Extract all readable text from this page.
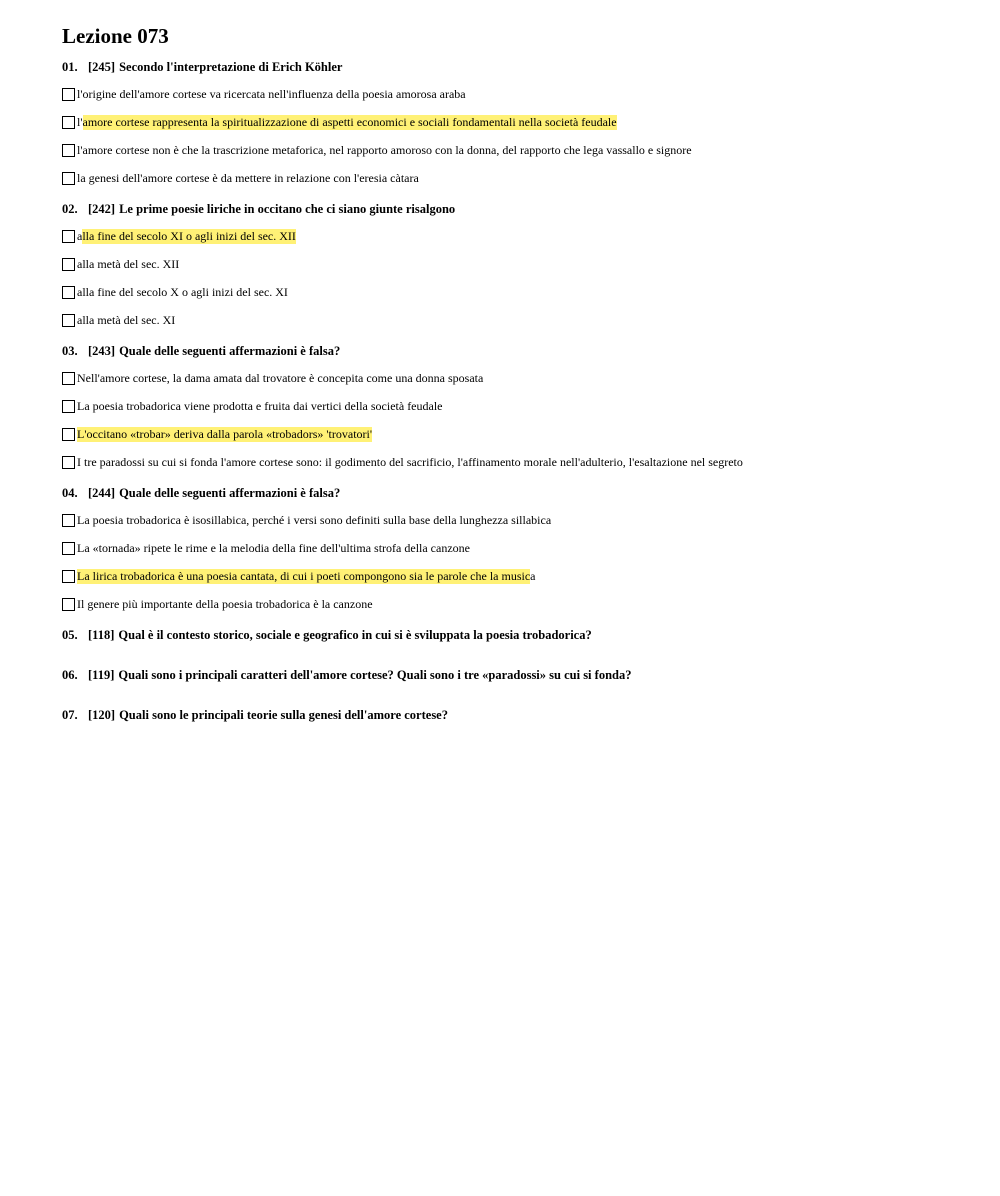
Lezione 073
01. [245] Secondo l'interpretazione di Erich Köhler
l'origine dell'amore cortese va ricercata nell'influenza della poesia amorosa araba
l' amore cortese rappresenta la spiritualizzazione di aspetti economici e sociali fondamentali nella società feudale
l'amore cortese non è che la trascrizione metaforica, nel rapporto amoroso con la donna, del rapporto che lega vassallo e signore
la genesi dell'amore cortese è da mettere in relazione con l'eresia càtara
02. [242] Le prime poesie liriche in occitano che ci siano giunte risalgono
a lla fine del secolo XI o agli inizi del sec. XII
alla metà del sec. XII
alla fine del secolo X o agli inizi del sec. XI
alla metà del sec. XI
03. [243] Quale delle seguenti affermazioni è falsa?
Nell'amore cortese, la dama amata dal trovatore è concepita come una donna sposata
La poesia trobadorica viene prodotta e fruita dai vertici della società feudale
L'occitano «trobar» deriva dalla parola «trobadors» 'trovatori'
I tre paradossi su cui si fonda l'amore cortese sono: il godimento del sacrificio, l'affinamento morale nell'adulterio, l'esaltazione nel segreto
04. [244] Quale delle seguenti affermazioni è falsa?
La poesia trobadorica è isosillabica, perché i versi sono definiti sulla base della lunghezza sillabica
La «tornada» ripete le rime e la melodia della fine dell'ultima strofa della canzone
La lirica trobadorica è una poesia cantata, di cui i poeti compongono sia le parole che la music a
Il genere più importante della poesia trobadorica è la canzone
05. [118] Qual è il contesto storico, sociale e geografico in cui si è sviluppata la poesia trobadorica?
06. [119] Quali sono i principali caratteri dell'amore cortese? Quali sono i tre «paradossi» su cui si fonda?
07. [120] Quali sono le principali teorie sulla genesi dell'amore cortese?
